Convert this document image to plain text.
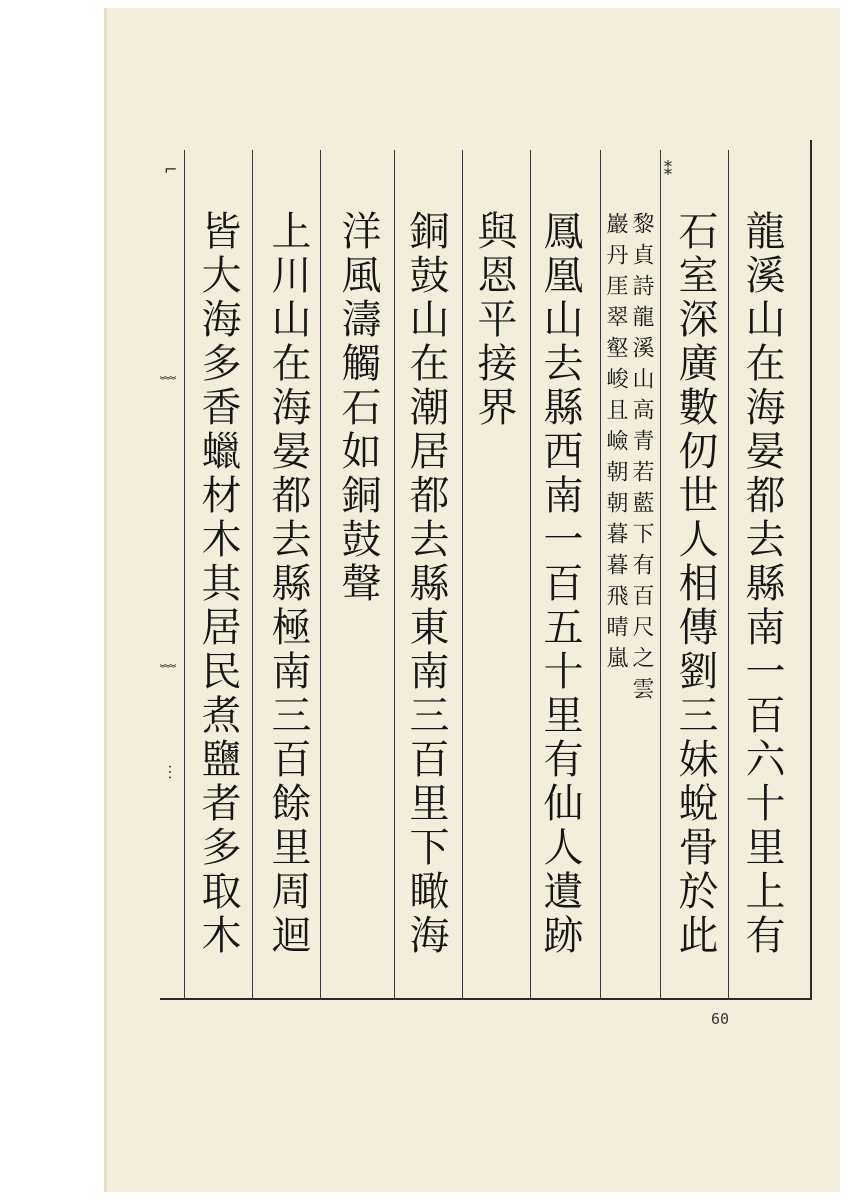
⌐
﹌
﹌
︙
⁑
龍溪山在海晏都去縣南一百六十里上有
石室深廣數仞世人相傳劉三妹蛻骨於此
黎貞詩龍溪山高青若藍下有百尺之雲
巖丹厓翠壑峻且嶮朝朝暮暮飛晴嵐
鳳凰山去縣西南一百五十里有仙人遺跡
與恩平接界
銅鼓山在潮居都去縣東南三百里下瞰海
洋風濤觸石如銅鼓聲
上川山在海晏都去縣極南三百餘里周迴
皆大海多香蠟材木其居民煮鹽者多取木
60
